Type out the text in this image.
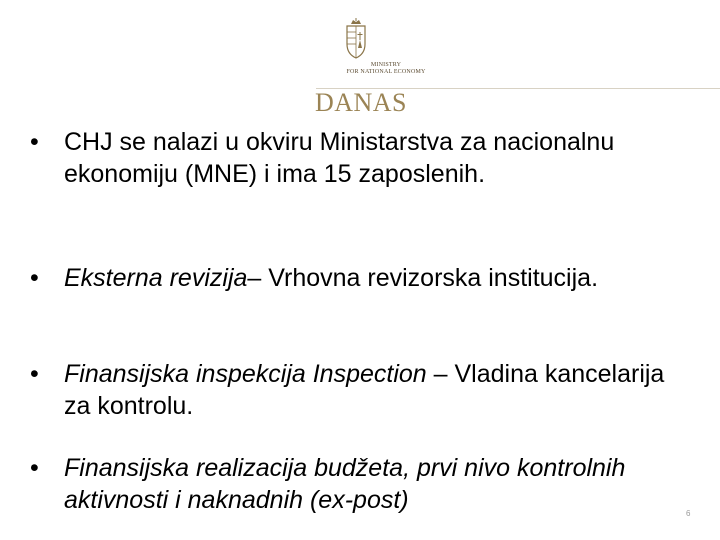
MINISTRY
FOR NATIONAL ECONOMY
DANAS
• CHJ se nalazi u okviru Ministarstva za nacionalnu ekonomiju (MNE) i ima 15 zaposlenih.
• Eksterna revizija– Vrhovna revizorska institucija.
• Finansijska inspekcija Inspection – Vladina kancelarija za kontrolu.
• Finansijska realizacija budžeta, prvi nivo kontrolnih aktivnosti i naknadnih (ex-post)	6
